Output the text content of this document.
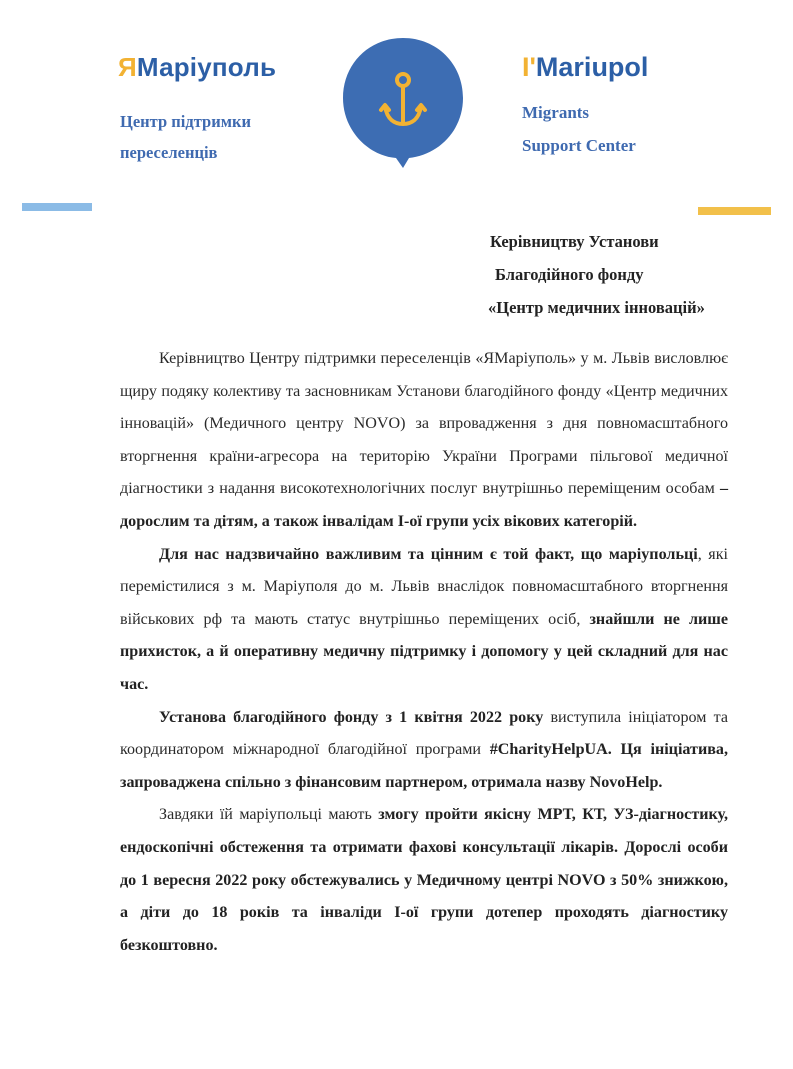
ЯМаріуполь
Центр підтримки
переселенців
І'Mariupol
Migrants
Support Center
Керівництву Установи
Благодійного фонду
«Центр медичних інновацій»

Керівництво Центру підтримки переселенців «ЯМаріуполь» у м. Львів висловлює щиру подяку колективу та засновникам Установи благодійного фонду «Центр медичних інновацій» (Медичного центру NOVO) за впровадження з дня повномасштабного вторгнення країни-агресора на територію України Програми пільгової медичної діагностики з надання високотехнологічних послуг внутрішньо переміщеним особам – дорослим та дітям, а також інвалідам І-ої групи усіх вікових категорій.

Для нас надзвичайно важливим та цінним є той факт, що маріупольці, які перемістилися з м. Маріуполя до м. Львів внаслідок повномасштабного вторгнення військових рф та мають статус внутрішньо переміщених осіб, знайшли не лише прихисток, а й оперативну медичну підтримку і допомогу у цей складний для нас час.

Установа благодійного фонду з 1 квітня 2022 року виступила ініціатором та координатором міжнародної благодійної програми #CharityHelpUA. Ця ініціатива, запроваджена спільно з фінансовим партнером, отримала назву NovoHelp.

Завдяки їй маріупольці мають змогу пройти якісну МРТ, КТ, УЗ-діагностику, ендоскопічні обстеження та отримати фахові консультації лікарів. Дорослі особи до 1 вересня 2022 року обстежувались у Медичному центрі NOVO з 50% знижкою, а діти до 18 років та інваліди І-ої групи дотепер проходять діагностику безкоштовно.
